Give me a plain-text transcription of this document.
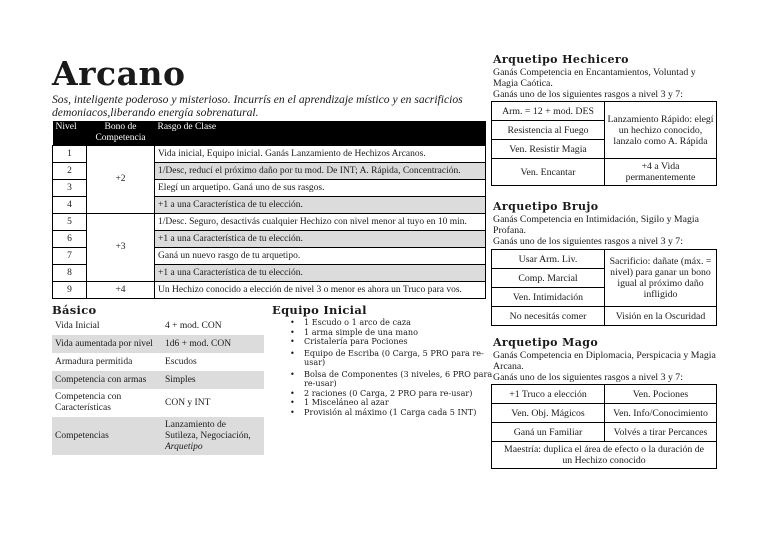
Arcano
Sos, inteligente poderoso y misterioso. Incurrís en el aprendizaje místico y en sacrificios demoniacos,liberando energía sobrenatural.
Nivel	Bono de Competencia	Rasgo de Clase
1	+2	Vida inicial, Equipo inicial. Ganás Lanzamiento de Hechizos Arcanos.
2		1/Desc, reducí el próximo daño por tu mod. De INT; A. Rápida, Concentración.
3		Elegí un arquetipo. Ganá uno de sus rasgos.
4		+1 a una Característica de tu elección.
5	+3	1/Desc. Seguro, desactivás cualquier Hechizo con nivel menor al tuyo en 10 min.
6		+1 a una Característica de tu elección.
7		Ganá un nuevo rasgo de tu arquetipo.
8		+1 a una Característica de tu elección.
9	+4	Un Hechizo conocido a elección de nivel 3 o menor es ahora un Truco para vos.
Básico
Vida Inicial	4 + mod. CON
Vida aumentada por nivel	1d6 + mod. CON
Armadura permitida	Escudos
Competencia con armas	Simples
Competencia con Características	CON y INT
Competencias	Lanzamiento de Sutileza, Negociación, Arquetipo
Equipo Inicial
• 1 Escudo o 1 arco de caza
• 1 arma simple de una mano
• Cristalería para Pociones
• Equipo de Escriba (0 Carga, 5 PRO para re-usar)
• Bolsa de Componentes (3 niveles, 6 PRO para re-usar)
• 2 raciones (0 Carga, 2 PRO para re-usar)
• 1 Misceláneo al azar
• Provisión al máximo (1 Carga cada 5 INT)
Arquetipo Hechicero
Ganás Competencia en Encantamientos, Voluntad y Magia Caótica.
Ganás uno de los siguientes rasgos a nivel 3 y 7:
Arm. = 12 + mod. DES	Lanzamiento Rápido: elegí un hechizo conocido, lanzalo como A. Rápida
Resistencia al Fuego	
Ven. Resistir Magia	
Ven. Encantar	+4 a Vida permanentemente
Arquetipo Brujo
Ganás Competencia en Intimidación, Sigilo y Magia Profana.
Ganás uno de los siguientes rasgos a nivel 3 y 7:
Usar Arm. Liv.	Sacrificio: dañate (máx. = nivel) para ganar un bono igual al próximo daño infligido
Comp. Marcial	
Ven. Intimidación	
No necesitás comer	Visión en la Oscuridad
Arquetipo Mago
Ganás Competencia en Diplomacia, Perspicacia y Magia Arcana.
Ganás uno de los siguientes rasgos a nivel 3 y 7:
+1 Truco a elección	Ven. Pociones
Ven. Obj. Mágicos	Ven. Info/Conocimiento
Ganá un Familiar	Volvés a tirar Percances
Maestría: duplica el área de efecto o la duración de un Hechizo conocido	
